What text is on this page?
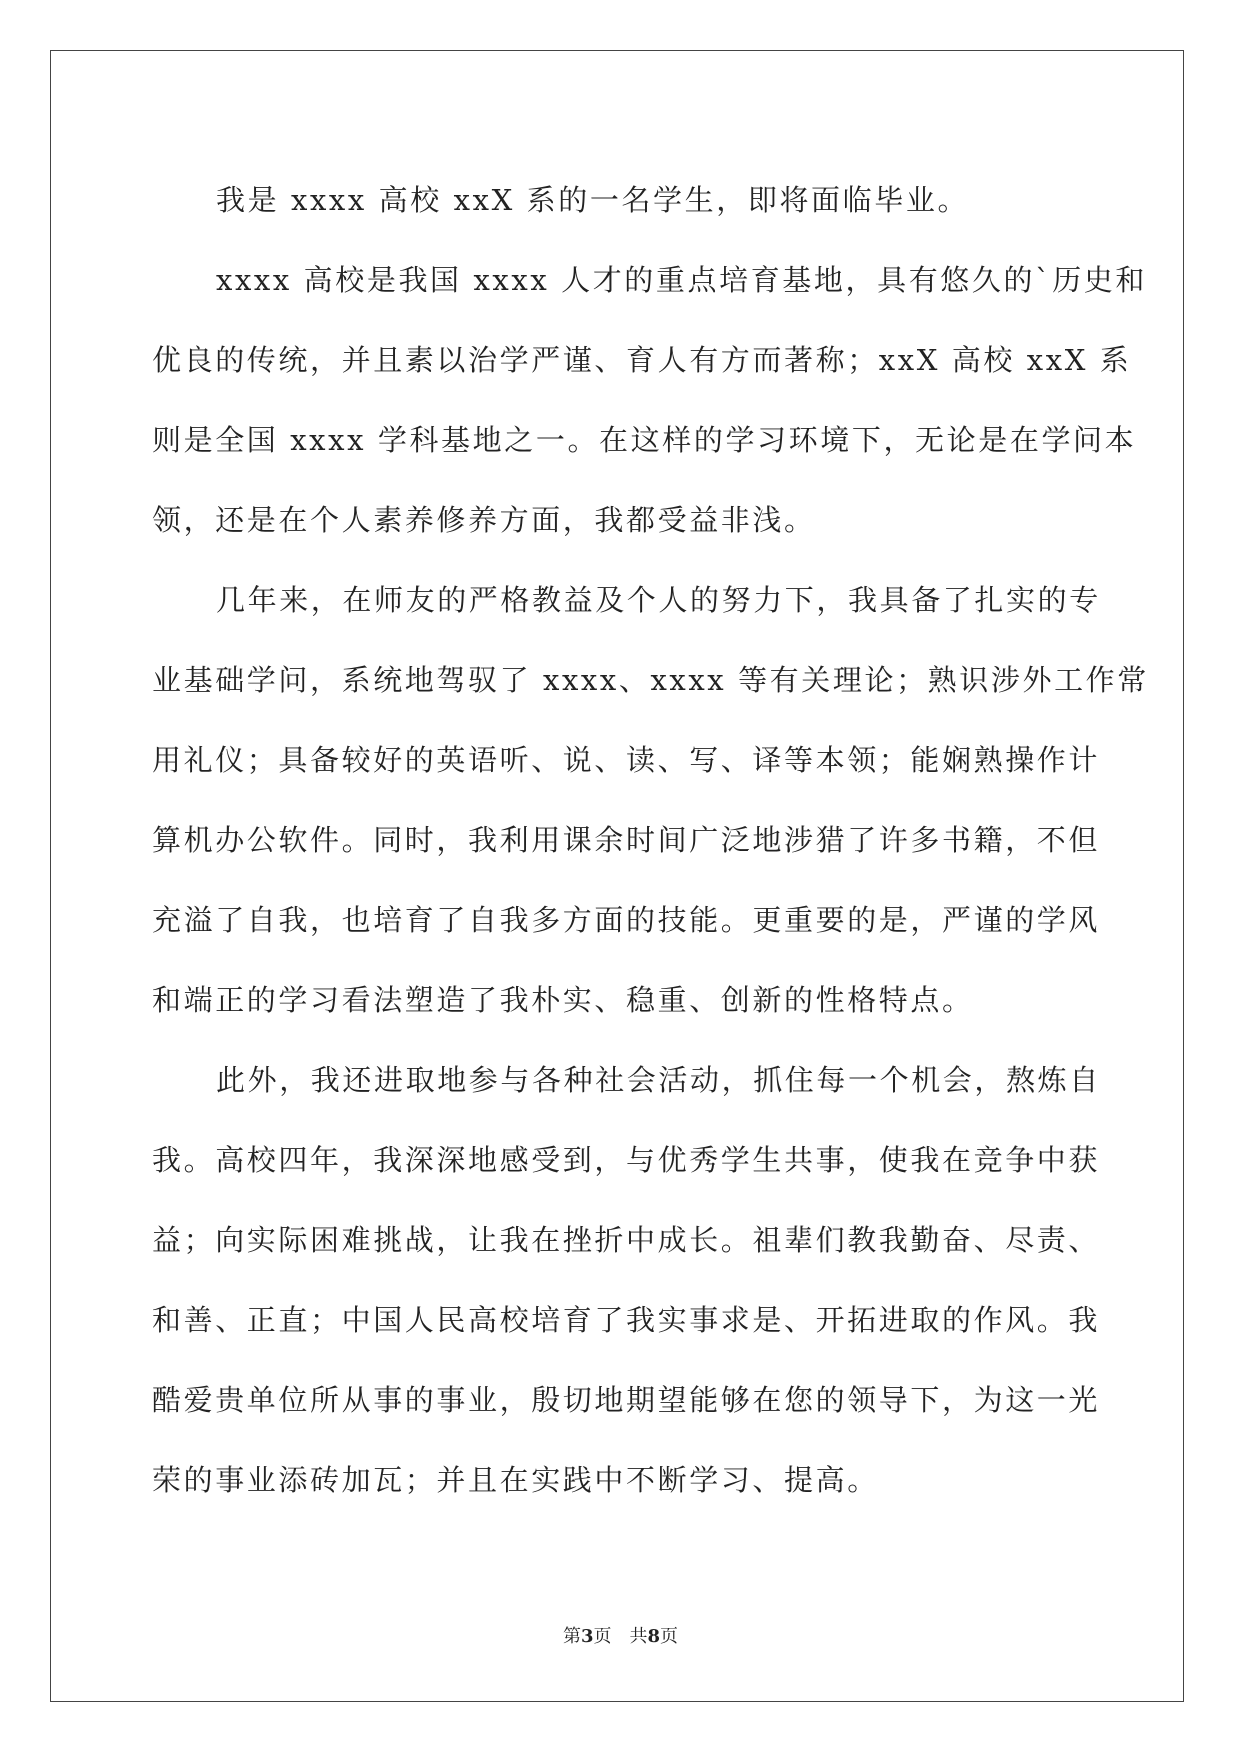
我是 xxxx 高校 xxX 系的一名学生，即将面临毕业。
xxxx 高校是我国 xxxx 人才的重点培育基地，具有悠久的`历史和
优良的传统，并且素以治学严谨、育人有方而著称；xxX 高校 xxX 系
则是全国 xxxx 学科基地之一。在这样的学习环境下，无论是在学问本
领，还是在个人素养修养方面，我都受益非浅。
几年来，在师友的严格教益及个人的努力下，我具备了扎实的专
业基础学问，系统地驾驭了 xxxx、xxxx 等有关理论；熟识涉外工作常
用礼仪；具备较好的英语听、说、读、写、译等本领；能娴熟操作计
算机办公软件。同时，我利用课余时间广泛地涉猎了许多书籍，不但
充溢了自我，也培育了自我多方面的技能。更重要的是，严谨的学风
和端正的学习看法塑造了我朴实、稳重、创新的性格特点。
此外，我还进取地参与各种社会活动，抓住每一个机会，熬炼自
我。高校四年，我深深地感受到，与优秀学生共事，使我在竞争中获
益；向实际困难挑战，让我在挫折中成长。祖辈们教我勤奋、尽责、
和善、正直；中国人民高校培育了我实事求是、开拓进取的作风。我
酷爱贵单位所从事的事业，殷切地期望能够在您的领导下，为这一光
荣的事业添砖加瓦；并且在实践中不断学习、提高。
第3页　共8页
